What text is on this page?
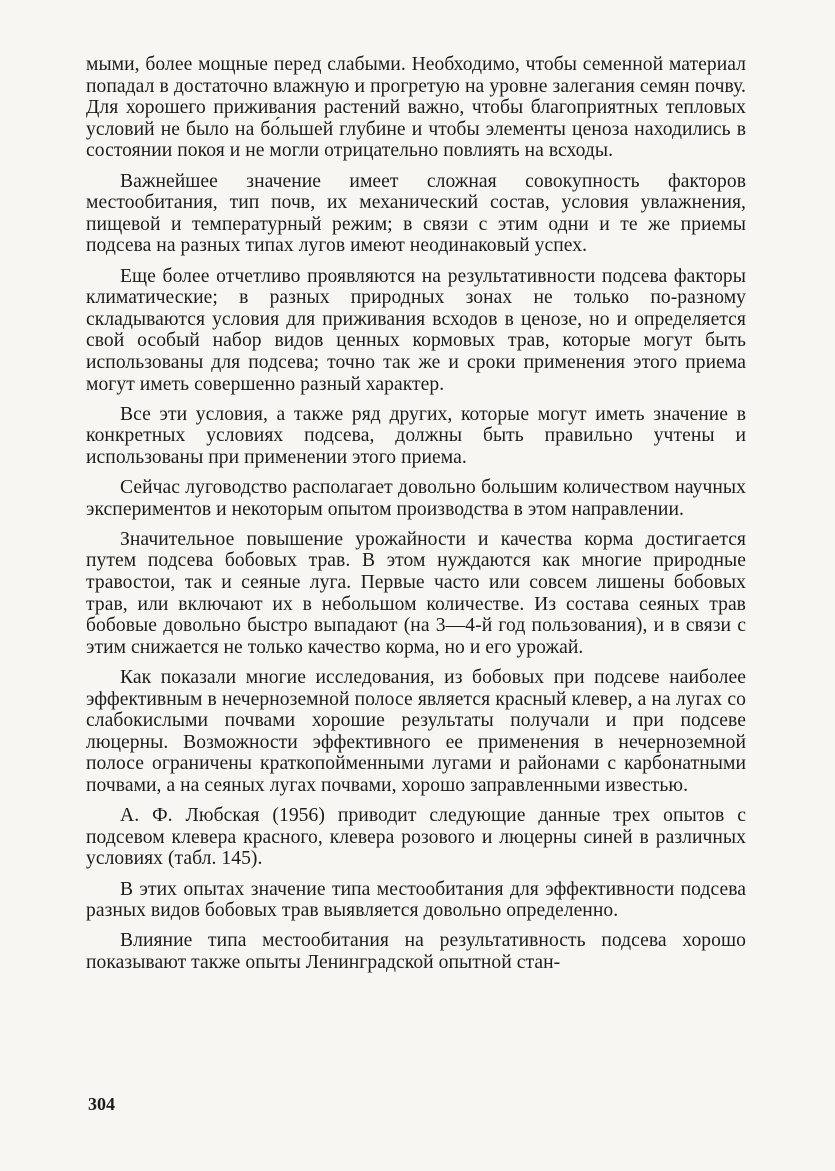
мыми, более мощные перед слабыми. Необходимо, чтобы семенной материал попадал в достаточно влажную и прогретую на уровне залегания семян почву. Для хорошего приживания растений важно, чтобы благоприятных тепловых условий не было на бо́льшей глубине и чтобы элементы ценоза находились в состоянии покоя и не могли отрицательно повлиять на всходы.

Важнейшее значение имеет сложная совокупность факторов местообитания, тип почв, их механический состав, условия увлажнения, пищевой и температурный режим; в связи с этим одни и те же приемы подсева на разных типах лугов имеют неодинаковый успех.

Еще более отчетливо проявляются на результативности подсева факторы климатические; в разных природных зонах не только по-разному складываются условия для приживания всходов в ценозе, но и определяется свой особый набор видов ценных кормовых трав, которые могут быть использованы для подсева; точно так же и сроки применения этого приема могут иметь совершенно разный характер.

Все эти условия, а также ряд других, которые могут иметь значение в конкретных условиях подсева, должны быть правильно учтены и использованы при применении этого приема.

Сейчас луговодство располагает довольно большим количеством научных экспериментов и некоторым опытом производства в этом направлении.

Значительное повышение урожайности и качества корма достигается путем подсева бобовых трав. В этом нуждаются как многие природные травостои, так и сеяные луга. Первые часто или совсем лишены бобовых трав, или включают их в небольшом количестве. Из состава сеяных трав бобовые довольно быстро выпадают (на 3—4-й год пользования), и в связи с этим снижается не только качество корма, но и его урожай.

Как показали многие исследования, из бобовых при подсеве наиболее эффективным в нечерноземной полосе является красный клевер, а на лугах со слабокислыми почвами хорошие результаты получали и при подсеве люцерны. Возможности эффективного ее применения в нечерноземной полосе ограничены краткопойменными лугами и районами с карбонатными почвами, а на сеяных лугах почвами, хорошо заправленными известью.

А. Ф. Любская (1956) приводит следующие данные трех опытов с подсевом клевера красного, клевера розового и люцерны синей в различных условиях (табл. 145).

В этих опытах значение типа местообитания для эффективности подсева разных видов бобовых трав выявляется довольно определенно.

Влияние типа местообитания на результативность подсева хорошо показывают также опыты Ленинградской опытной стан-

304
